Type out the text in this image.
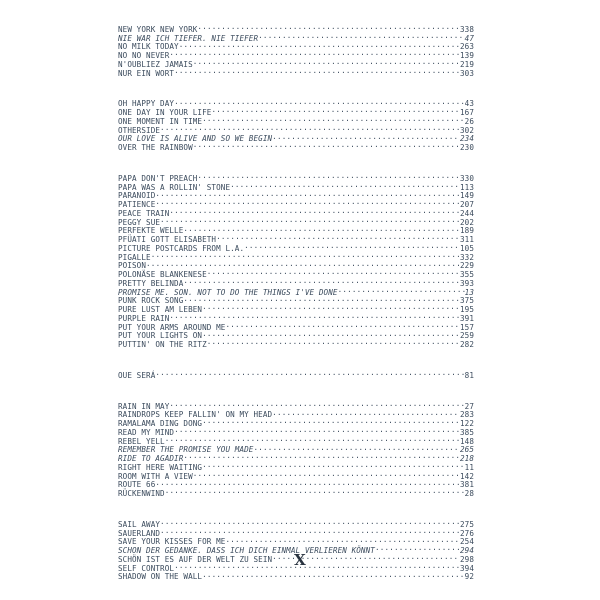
NEW YORK NEW YORK .....	338
NIE WAR ICH TIEFER, NIE TIEFER .....	47
NO MILK TODAY .....	263
NO NO NEVER .....	139
N'OUBLIEZ JAMAIS .....	219
NUR EIN WORT .....	303
OH HAPPY DAY .....	43
ONE DAY IN YOUR LIFE .....	167
ONE MOMENT IN TIME .....	26
OTHERSIDE .....	302
OUR LOVE IS ALIVE AND SO WE BEGIN .....	234
OVER THE RAINBOW .....	230
PAPA DON'T PREACH .....	330
PAPA WAS A ROLLIN' STONE .....	113
PARANOID .....	149
PATIENCE .....	207
PEACE TRAIN .....	244
PEGGY SUE .....	202
PERFEKTE WELLE .....	189
PFÜATI GOTT ELISABETH .....	311
PICTURE POSTCARDS FROM L.A. .....	105
PIGALLE .....	332
POISON .....	229
POLONÄSE BLANKENESE .....	355
PRETTY BELINDA .....	393
PROMISE ME, SON, NOT TO DO THE THINGS I'VE DONE .....	13
PUNK ROCK SONG .....	375
PURE LUST AM LEBEN .....	195
PURPLE RAIN .....	391
PUT YOUR ARMS AROUND ME .....	157
PUT YOUR LIGHTS ON .....	259
PUTTIN' ON THE RITZ .....	282
QUE SERÁ .....	81
RAIN IN MAY .....	27
RAINDROPS KEEP FALLIN' ON MY HEAD .....	283
RAMALAMA DING DONG .....	122
READ MY MIND .....	385
REBEL YELL .....	148
REMEMBER THE PROMISE YOU MADE .....	265
RIDE TO AGADIR .....	218
RIGHT HERE WAITING .....	11
ROOM WITH A VIEW .....	142
ROUTE 66 .....	381
RÜCKENWIND .....	28
SAIL AWAY .....	275
SAUERLAND .....	276
SAVE YOUR KISSES FOR ME .....	254
SCHON DER GEDANKE, DASS ICH DICH EINMAL VERLIEREN KÖNNT .....	294
SCHÖN IST ES AUF DER WELT ZU SEIN .....	298
SELF CONTROL .....	394
SHADOW ON THE WALL .....	92
X
